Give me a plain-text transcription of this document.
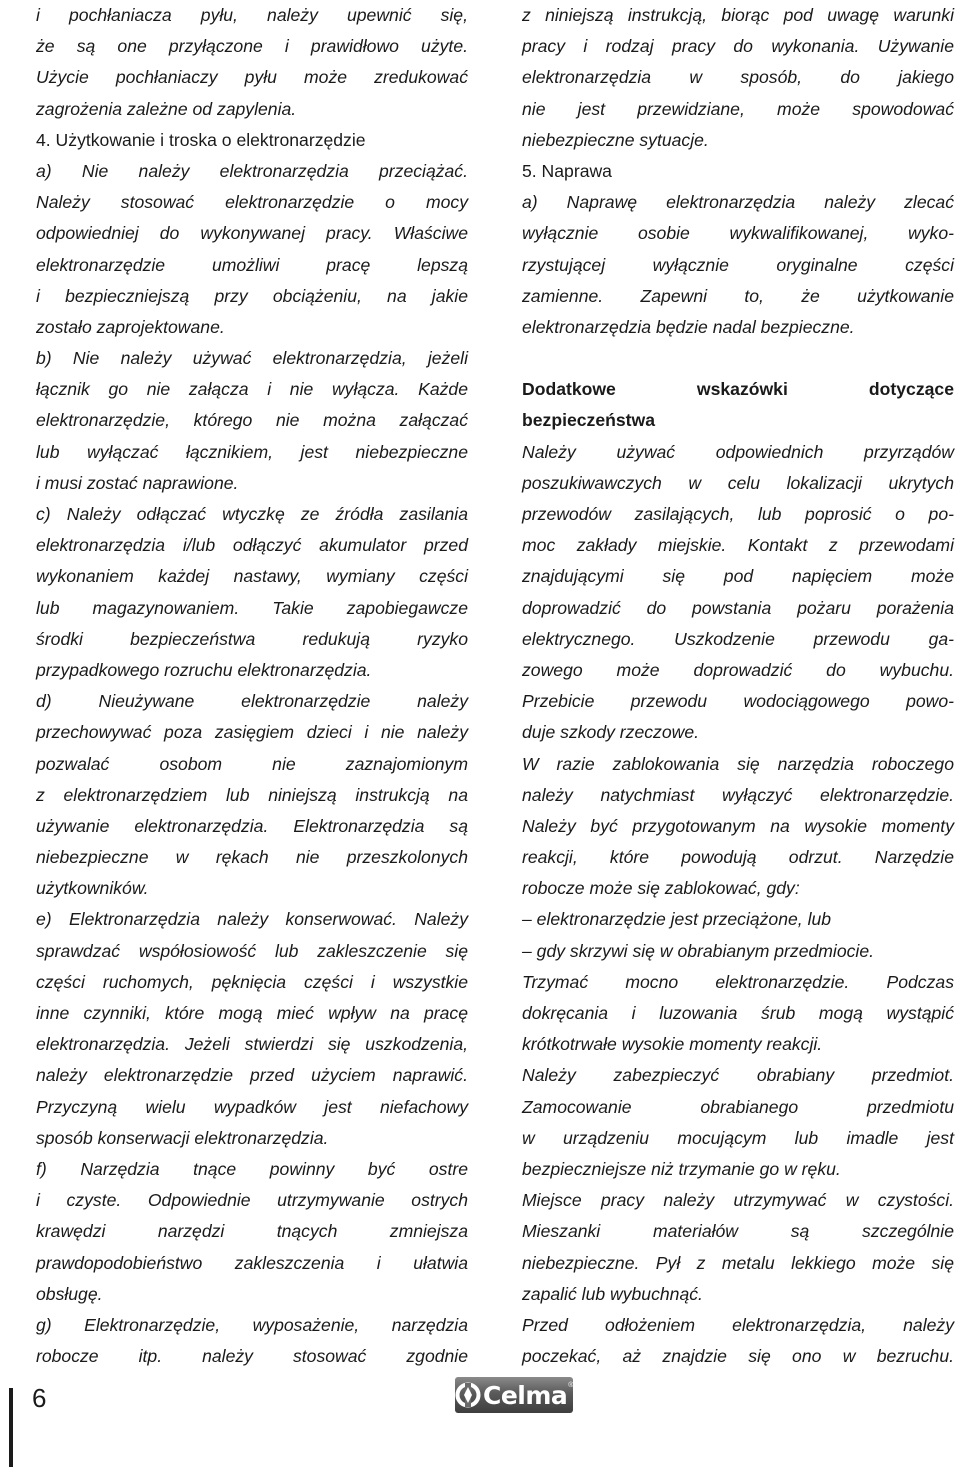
i pochłaniacza pyłu, należy upewnić się,
że są one przyłączone i prawidłowo użyte.
Użycie pochłaniaczy pyłu może zredukować
zagrożenia zależne od zapylenia.
4. Użytkowanie i troska o elektronarzędzie
a) Nie należy elektronarzędzia przeciążać.
Należy stosować elektronarzędzie o mocy
odpowiedniej do wykonywanej pracy. Właściwe
elektronarzędzie umożliwi pracę lepszą
i bezpieczniejszą przy obciążeniu, na jakie
zostało zaprojektowane.
b) Nie należy używać elektronarzędzia, jeżeli
łącznik go nie załącza i nie wyłącza. Każde
elektronarzędzie, którego nie można załączać
lub wyłączać łącznikiem, jest niebezpieczne
i musi zostać naprawione.
c) Należy odłączać wtyczkę ze źródła zasilania
elektronarzędzia i/lub odłączyć akumulator przed
wykonaniem każdej nastawy, wymiany części
lub magazynowaniem. Takie zapobiegawcze
środki bezpieczeństwa redukują ryzyko
przypadkowego rozruchu elektronarzędzia.
d) Nieużywane elektronarzędzie należy
przechowywać poza zasięgiem dzieci i nie należy
pozwalać osobom nie zaznajomionym
z elektronarzędziem lub niniejszą instrukcją na
używanie elektronarzędzia. Elektronarzędzia są
niebezpieczne w rękach nie przeszkolonych
użytkowników.
e) Elektronarzędzia należy konserwować. Należy
sprawdzać współosiowość lub zakleszczenie się
części ruchomych, pęknięcia części i wszystkie
inne czynniki, które mogą mieć wpływ na pracę
elektronarzędzia. Jeżeli stwierdzi się uszkodzenia,
należy elektronarzędzie przed użyciem naprawić.
Przyczyną wielu wypadków jest niefachowy
sposób konserwacji elektronarzędzia.
f) Narzędzia tnące powinny być ostre
i czyste. Odpowiednie utrzymywanie ostrych
krawędzi narzędzi tnących zmniejsza
prawdopodobieństwo zakleszczenia i ułatwia
obsługę.
g) Elektronarzędzie, wyposażenie, narzędzia
robocze itp. należy stosować zgodnie
z niniejszą instrukcją, biorąc pod uwagę warunki
pracy i rodzaj pracy do wykonania. Używanie
elektronarzędzia w sposób, do jakiego
nie jest przewidziane, może spowodować
niebezpieczne sytuacje.
5. Naprawa
a) Naprawę elektronarzędzia należy zlecać
wyłącznie osobie wykwalifikowanej, wyko-
rzystującej wyłącznie oryginalne części
zamienne. Zapewni to, że użytkowanie
elektronarzędzia będzie nadal bezpieczne.
Dodatkowe wskazówki dotyczące
bezpieczeństwa
Należy używać odpowiednich przyrządów
poszukiwawczych w celu lokalizacji ukrytych
przewodów zasilających, lub poprosić o po-
moc zakłady miejskie. Kontakt z przewodami
znajdującymi się pod napięciem może
doprowadzić do powstania pożaru porażenia
elektrycznego. Uszkodzenie przewodu ga-
zowego może doprowadzić do wybuchu.
Przebicie przewodu wodociągowego powo-
duje szkody rzeczowe.
W razie zablokowania się narzędzia roboczego
należy natychmiast wyłączyć elektronarzędzie.
Należy być przygotowanym na wysokie momenty
reakcji, które powodują odrzut. Narzędzie
robocze może się zablokować, gdy:
– elektronarzędzie jest przeciążone, lub
– gdy skrzywi się w obrabianym przedmiocie.
Trzymać mocno elektronarzędzie. Podczas
dokręcania i luzowania śrub mogą wystąpić
krótkotrwałe wysokie momenty reakcji.
Należy zabezpieczyć obrabiany przedmiot.
Zamocowanie obrabianego przedmiotu
w urządzeniu mocującym lub imadle jest
bezpieczniejsze niż trzymanie go w ręku.
Miejsce pracy należy utrzymywać w czystości.
Mieszanki materiałów są szczególnie
niebezpieczne. Pył z metalu lekkiego może się
zapalić lub wybuchnąć.
Przed odłożeniem elektronarzędzia, należy
poczekać, aż znajdzie się ono w bezruchu.
6	Celma ®
